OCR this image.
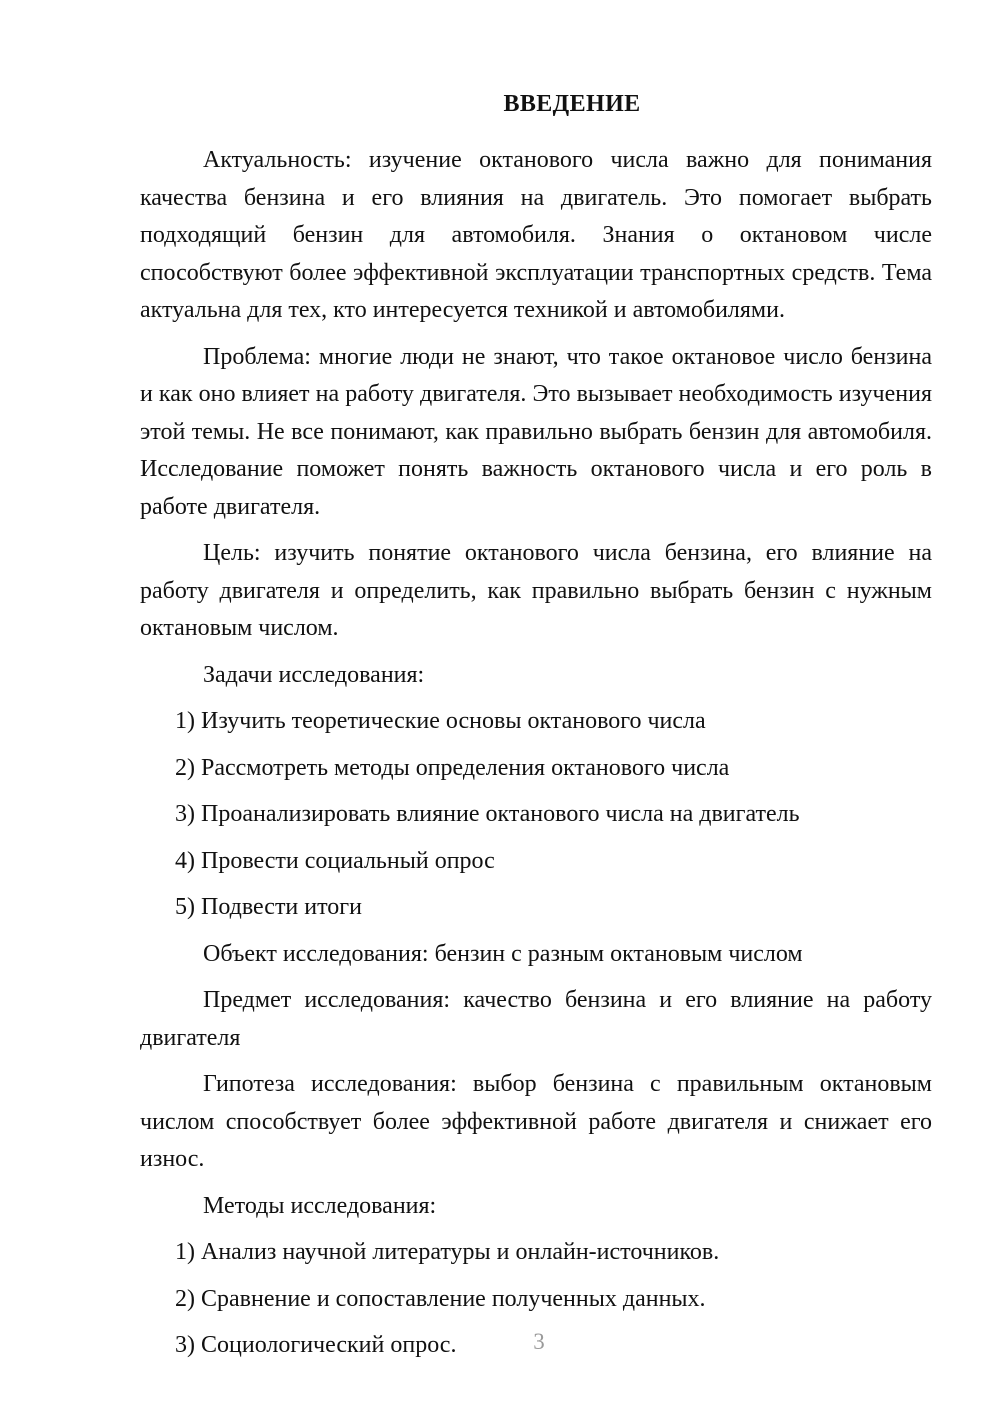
ВВЕДЕНИЕ

Актуальность: изучение октанового числа важно для понимания качества бензина и его влияния на двигатель. Это помогает выбрать подходящий бензин для автомобиля. Знания о октановом числе способствуют более эффективной эксплуатации транспортных средств. Тема актуальна для тех, кто интересуется техникой и автомобилями.

Проблема: многие люди не знают, что такое октановое число бензина и как оно влияет на работу двигателя. Это вызывает необходимость изучения этой темы. Не все понимают, как правильно выбрать бензин для автомобиля. Исследование поможет понять важность октанового числа и его роль в работе двигателя.

Цель: изучить понятие октанового числа бензина, его влияние на работу двигателя и определить, как правильно выбрать бензин с нужным октановым числом.

Задачи исследования:

1) Изучить теоретические основы октанового числа

2) Рассмотреть методы определения октанового числа

3) Проанализировать влияние октанового числа на двигатель

4) Провести социальный опрос

5) Подвести итоги

Объект исследования: бензин с разным октановым числом

Предмет исследования: качество бензина и его влияние на работу двигателя

Гипотеза исследования: выбор бензина с правильным октановым числом способствует более эффективной работе двигателя и снижает его износ.

Методы исследования:

1) Анализ научной литературы и онлайн-источников.

2) Сравнение и сопоставление полученных данных.

3) Социологический опрос.	3
